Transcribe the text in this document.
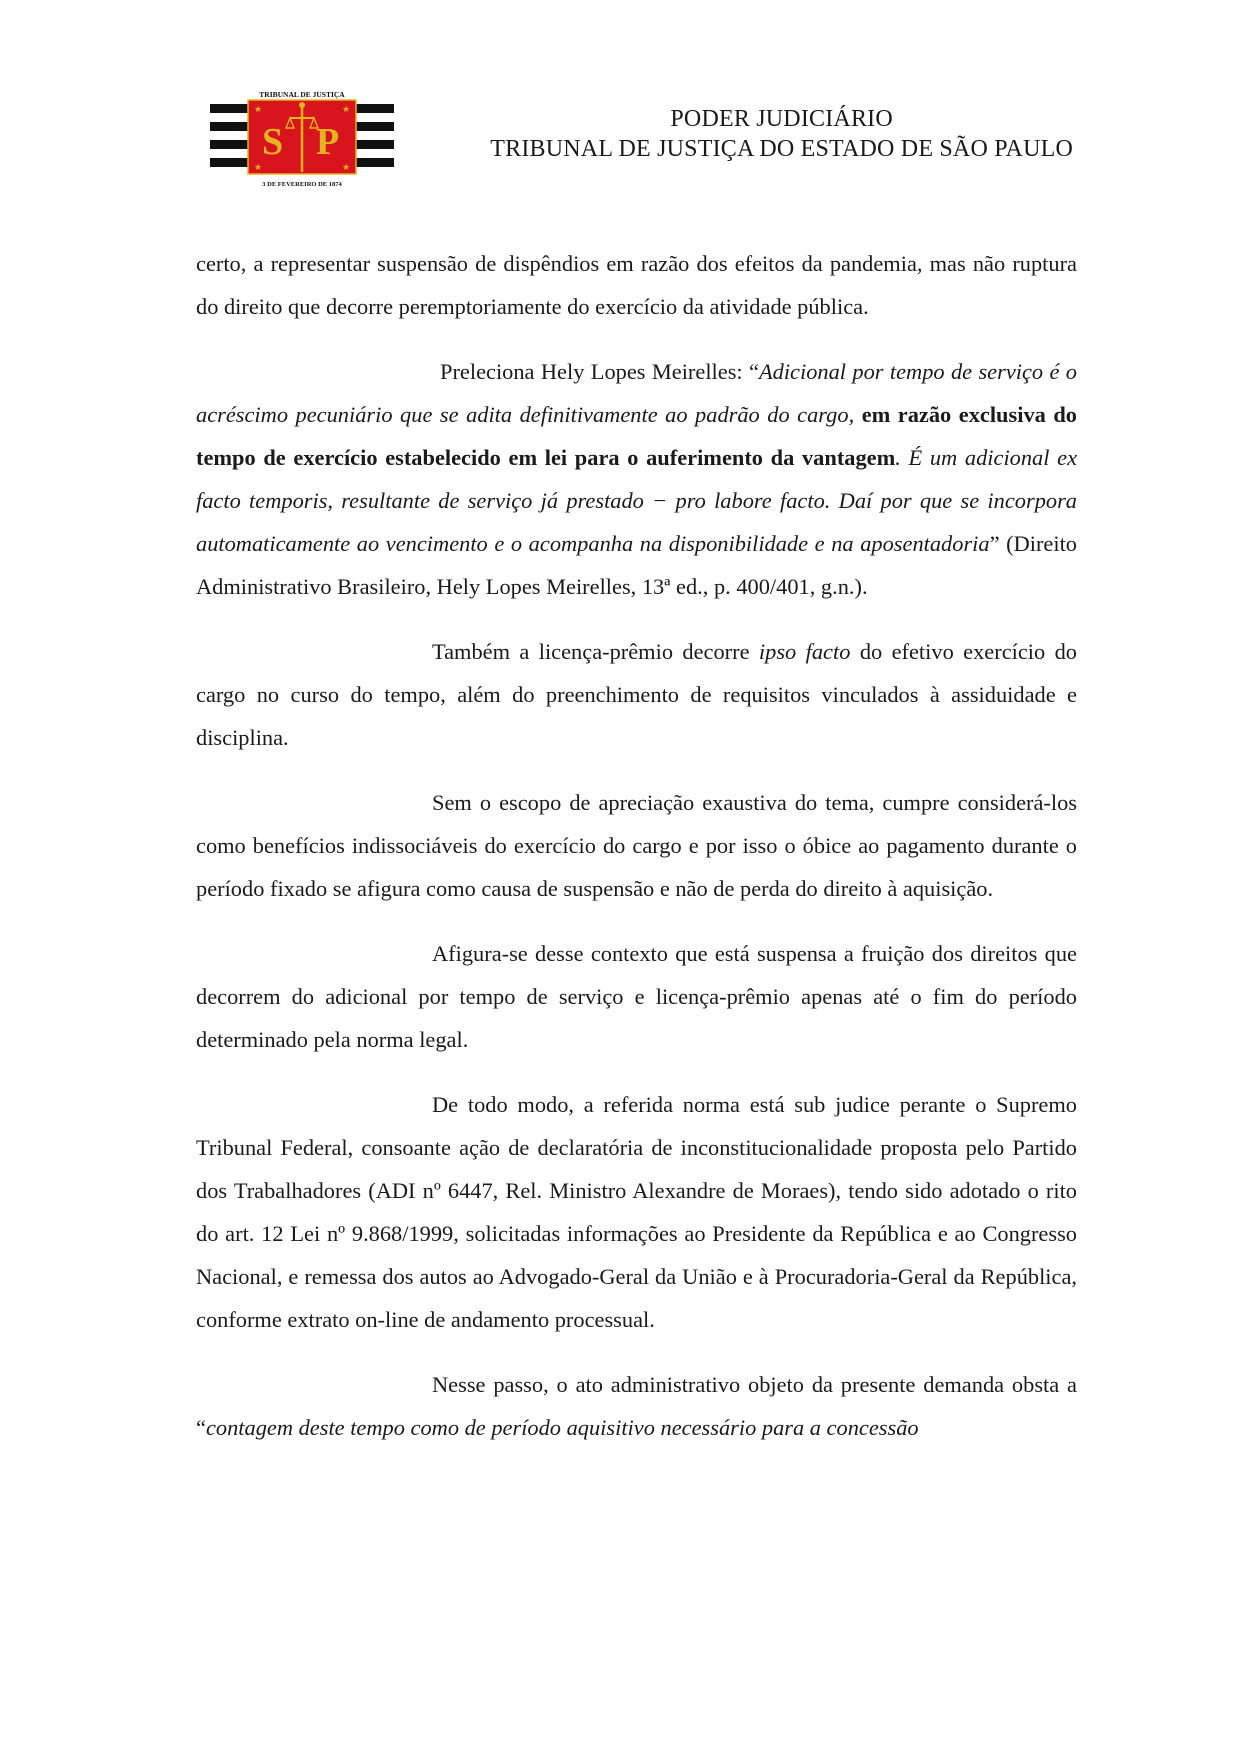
★	★
★	★
S P
TRIBUNAL DE JUSTIÇA
3 DE FEVEREIRO DE 1874
PODER JUDICIÁRIO
TRIBUNAL DE JUSTIÇA DO ESTADO DE SÃO PAULO

certo, a representar suspensão de dispêndios em razão dos efeitos da pandemia, mas não ruptura do direito que decorre peremptoriamente do exercício da atividade pública.

Preleciona Hely Lopes Meirelles: “Adicional por tempo de serviço é o acréscimo pecuniário que se adita definitivamente ao padrão do cargo, em razão exclusiva do tempo de exercício estabelecido em lei para o auferimento da vantagem. É um adicional ex facto temporis, resultante de serviço já prestado − pro labore facto. Daí por que se incorpora automaticamente ao vencimento e o acompanha na disponibilidade e na aposentadoria” (Direito Administrativo Brasileiro, Hely Lopes Meirelles, 13ª ed., p. 400/401, g.n.).

Também a licença-prêmio decorre ipso facto do efetivo exercício do cargo no curso do tempo, além do preenchimento de requisitos vinculados à assiduidade e disciplina.

Sem o escopo de apreciação exaustiva do tema, cumpre considerá-los como benefícios indissociáveis do exercício do cargo e por isso o óbice ao pagamento durante o período fixado se afigura como causa de suspensão e não de perda do direito à aquisição.

Afigura-se desse contexto que está suspensa a fruição dos direitos que decorrem do adicional por tempo de serviço e licença-prêmio apenas até o fim do período determinado pela norma legal.

De todo modo, a referida norma está sub judice perante o Supremo Tribunal Federal, consoante ação de declaratória de inconstitucionalidade proposta pelo Partido dos Trabalhadores (ADI nº 6447, Rel. Ministro Alexandre de Moraes), tendo sido adotado o rito do art. 12 Lei nº 9.868/1999, solicitadas informações ao Presidente da República e ao Congresso Nacional, e remessa dos autos ao Advogado-Geral da União e à Procuradoria-Geral da República, conforme extrato on-line de andamento processual.

Nesse passo, o ato administrativo objeto da presente demanda obsta a “contagem deste tempo como de período aquisitivo necessário para a concessão
